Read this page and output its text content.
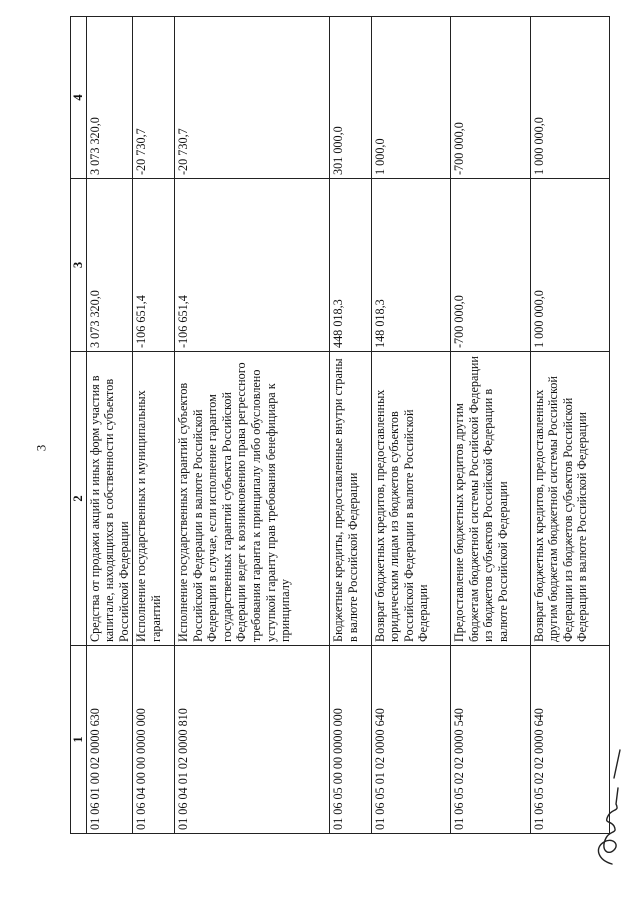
3
1	2	3	4
01 06 01 00 02 0000 630	Средства от продажи акций и иных форм участия в капитале, находящихся в собственности субъектов Российской Федерации	3 073 320,0	3 073 320,0
01 06 04 00 00 0000 000	Исполнение государственных и муниципальных гарантий	-106 651,4	-20 730,7
01 06 04 01 02 0000 810	Исполнение государственных гарантий субъектов Российской Федерации в валюте Российской Федерации в случае, если исполнение гарантом государственных гарантий субъекта Российской Федерации ведет к возникновению права регрессного требования гаранта к принципалу либо обусловлено уступкой гаранту прав требования бенефициара к принципалу	-106 651,4	-20 730,7
01 06 05 00 00 0000 000	Бюджетные кредиты, предоставленные внутри страны в валюте Российской Федерации	448 018,3	301 000,0
01 06 05 01 02 0000 640	Возврат бюджетных кредитов, предоставленных юридическим лицам из бюджетов субъектов Российской Федерации в валюте Российской Федерации	148 018,3	1 000,0
01 06 05 02 02 0000 540	Предоставление бюджетных кредитов другим бюджетам бюджетной системы Российской Федерации из бюджетов субъектов Российской Федерации в валюте Российской Федерации	-700 000,0	-700 000,0
01 06 05 02 02 0000 640	Возврат бюджетных кредитов, предоставленных другим бюджетам бюджетной системы Российской Федерации из бюджетов субъектов Российской Федерации в валюте Российской Федерации	1 000 000,0	1 000 000,0
